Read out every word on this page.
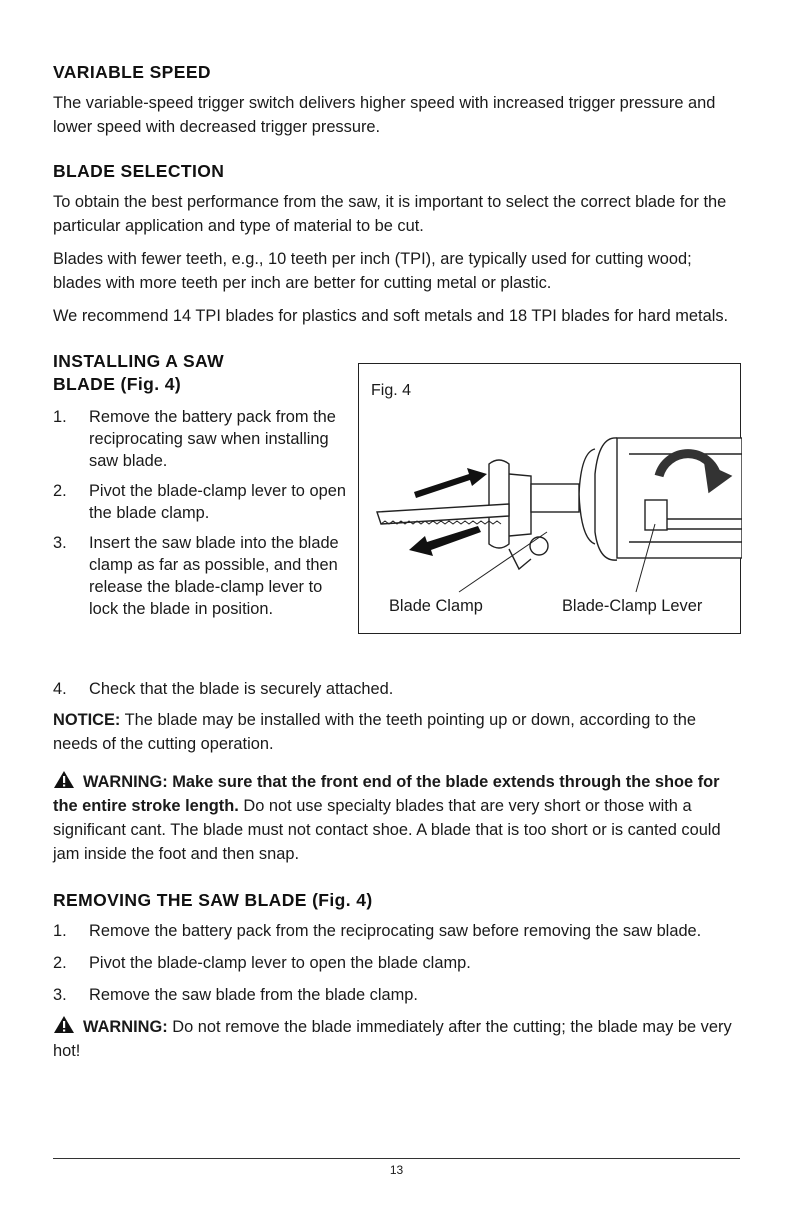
VARIABLE SPEED

The variable-speed trigger switch delivers higher speed with increased trigger pressure and lower speed with decreased trigger pressure.

BLADE SELECTION

To obtain the best performance from the saw, it is important to select the correct blade for the particular application and type of material to be cut.

Blades with fewer teeth, e.g., 10 teeth per inch (TPI), are typically used for cutting wood; blades with more teeth per inch are better for cutting metal or plastic.

We recommend 14 TPI blades for plastics and soft metals and 18 TPI blades for hard metals.

INSTALLING A SAW
BLADE (Fig. 4)
1. Remove the battery pack from the reciprocating saw when installing saw blade.
2. Pivot the blade-clamp lever to open the blade clamp.
3. Insert the saw blade into the blade clamp as far as possible, and then release the blade-clamp lever to lock the blade in position.
Fig. 4
Blade Clamp	Blade-Clamp Lever
4. Check that the blade is securely attached.

NOTICE: The blade may be installed with the teeth pointing up or down, according to the needs of the cutting operation.

WARNING: Make sure that the front end of the blade extends through the shoe for the entire stroke length. Do not use specialty blades that are very short or those with a significant cant. The blade must not contact shoe. A blade that is too short or is canted could jam inside the foot and then snap.

REMOVING THE SAW BLADE (Fig. 4)
1. Remove the battery pack from the reciprocating saw before removing the saw blade.
2. Pivot the blade-clamp lever to open the blade clamp.
3. Remove the saw blade from the blade clamp.

WARNING: Do not remove the blade immediately after the cutting; the blade may be very hot!

13
